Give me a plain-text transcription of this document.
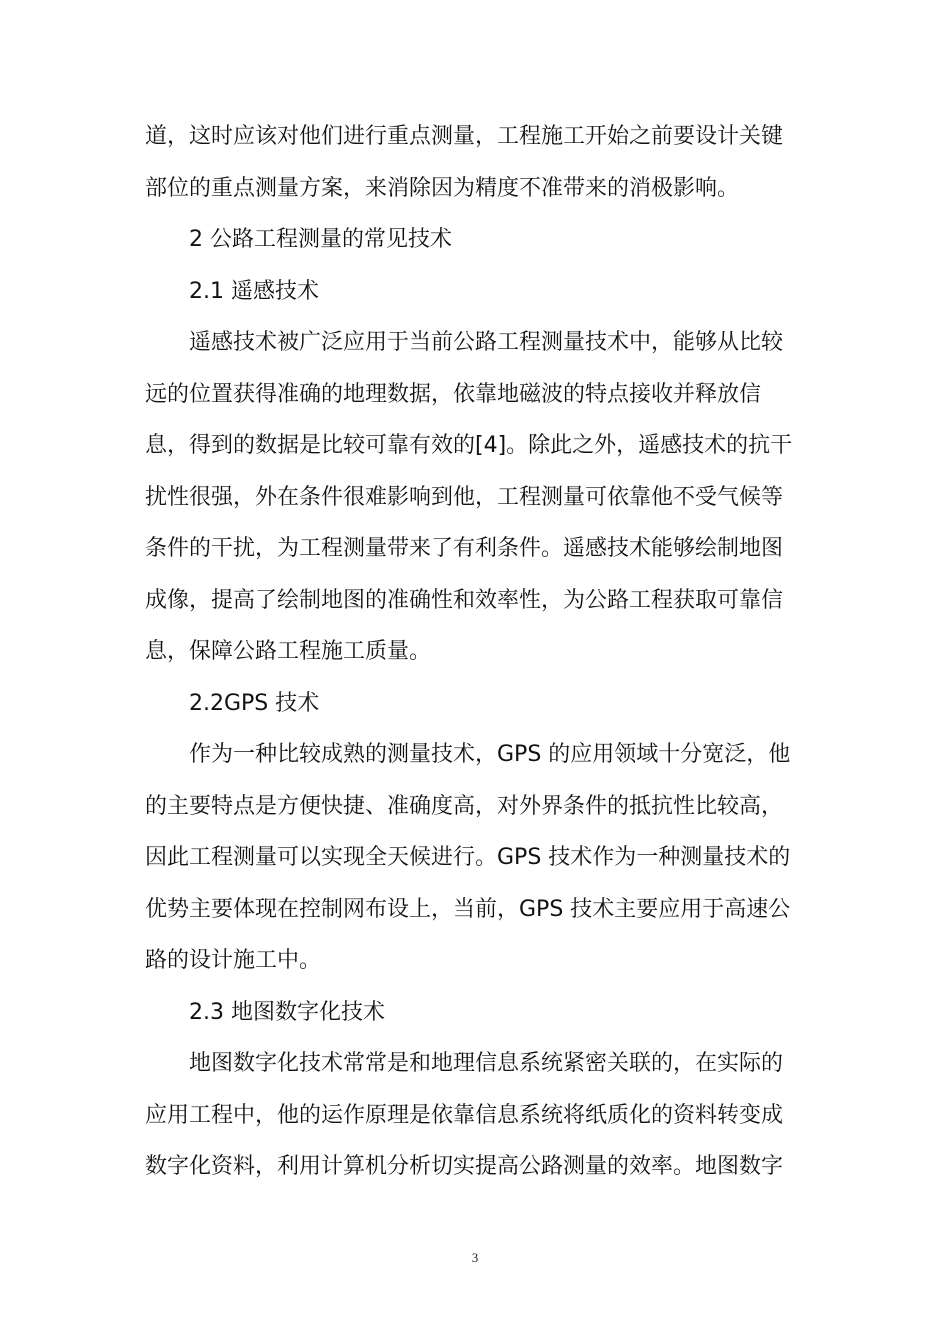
道，这时应该对他们进行重点测量，工程施工开始之前要设计关键
部位的重点测量方案，来消除因为精度不准带来的消极影响。
2 公路工程测量的常见技术
2.1 遥感技术
遥感技术被广泛应用于当前公路工程测量技术中，能够从比较
远的位置获得准确的地理数据，依靠地磁波的特点接收并释放信
息，得到的数据是比较可靠有效的[4]。除此之外，遥感技术的抗干
扰性很强，外在条件很难影响到他，工程测量可依靠他不受气候等
条件的干扰，为工程测量带来了有利条件。遥感技术能够绘制地图
成像，提高了绘制地图的准确性和效率性，为公路工程获取可靠信
息，保障公路工程施工质量。
2.2GPS 技术
作为一种比较成熟的测量技术，GPS 的应用领域十分宽泛，他
的主要特点是方便快捷、准确度高，对外界条件的抵抗性比较高，
因此工程测量可以实现全天候进行。GPS 技术作为一种测量技术的
优势主要体现在控制网布设上，当前，GPS 技术主要应用于高速公
路的设计施工中。
2.3 地图数字化技术
地图数字化技术常常是和地理信息系统紧密关联的，在实际的
应用工程中，他的运作原理是依靠信息系统将纸质化的资料转变成
数字化资料，利用计算机分析切实提高公路测量的效率。地图数字
3
